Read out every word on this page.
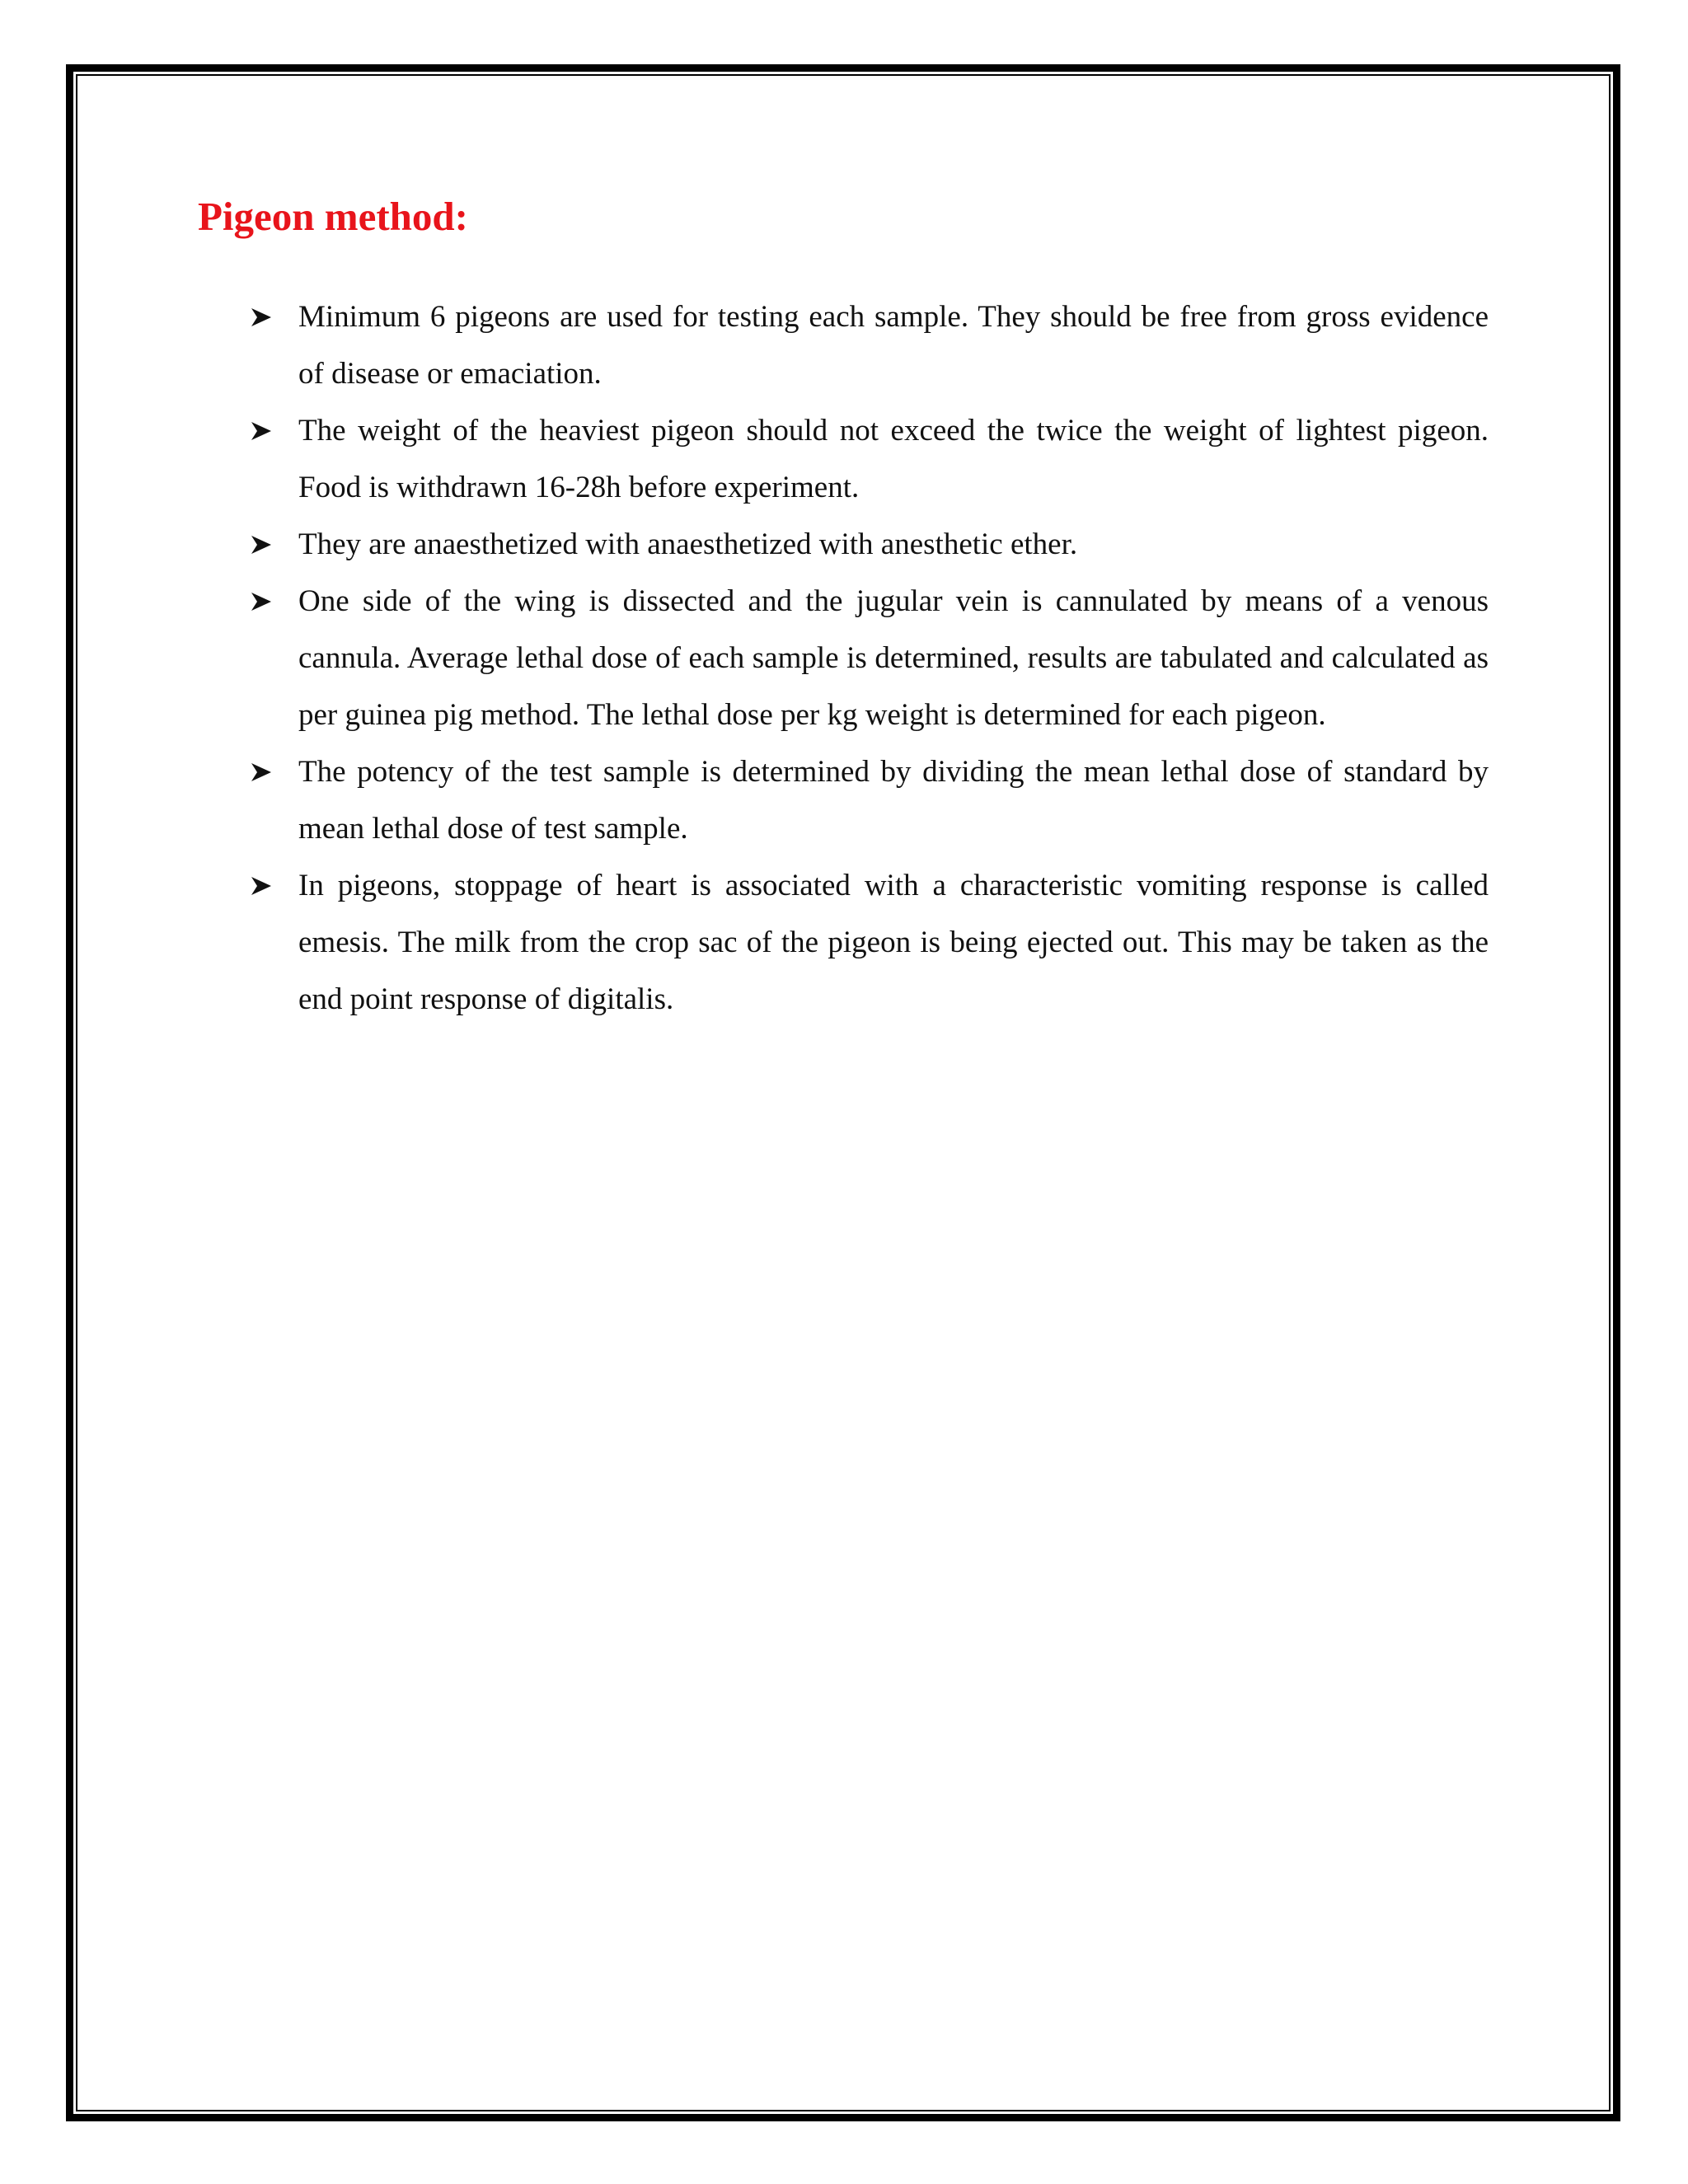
Pigeon method:
Minimum 6 pigeons are used for testing each sample. They should be free from gross evidence of disease or emaciation.
The weight of the heaviest pigeon should not exceed the twice the weight of lightest pigeon. Food is withdrawn 16-28h before experiment.
They are anaesthetized with anaesthetized with anesthetic ether.
One side of the wing is dissected and the jugular vein is cannulated by means of a venous cannula. Average lethal dose of each sample is determined, results are tabulated and calculated as per guinea pig method. The lethal dose per kg weight is determined for each pigeon.
The potency of the test sample is determined by dividing the mean lethal dose of standard by mean lethal dose of test sample.
In pigeons, stoppage of heart is associated with a characteristic vomiting response is called emesis. The milk from the crop sac of the pigeon is being ejected out. This may be taken as the end point response of digitalis.
